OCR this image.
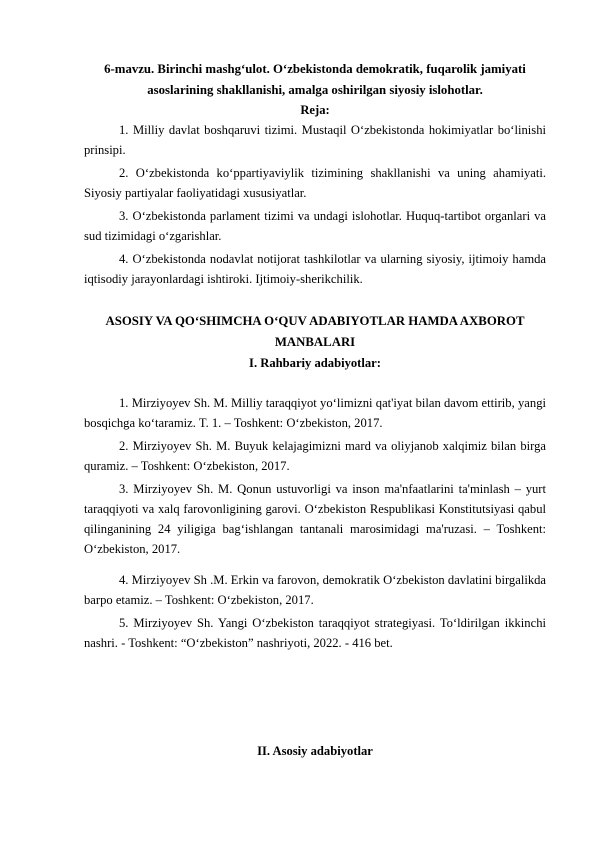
6-mavzu. Birinchi mashg‘ulot. O‘zbekistonda demokratik, fuqarolik jamiyati asoslarining shakllanishi, amalga oshirilgan siyosiy islohotlar.
Reja:
1. Milliy davlat boshqaruvi tizimi. Mustaqil O‘zbekistonda hokimiyatlar bo‘linishi prinsipi.
2. O‘zbekistonda ko‘ppartiyaviylik tizimining shakllanishi va uning ahamiyati. Siyosiy partiyalar faoliyatidagi xususiyatlar.
3. O‘zbekistonda parlament tizimi va undagi islohotlar. Huquq-tartibot organlari va sud tizimidagi o‘zgarishlar.
4. O‘zbekistonda nodavlat notijorat tashkilotlar va ularning siyosiy, ijtimoiy hamda iqtisodiy jarayonlardagi ishtiroki. Ijtimoiy-sherikchilik.
ASOSIY VA QO‘SHIMCHA O‘QUV ADABIYOTLAR HAMDA AXBOROT MANBALARI
I. Rahbariy adabiyotlar:
1. Mirziyoyev Sh. M. Milliy taraqqiyot yo‘limizni qat'iyat bilan davom ettirib, yangi bosqichga ko‘taramiz. T. 1. – Toshkent: O‘zbekiston, 2017.
2. Mirziyoyev Sh. M. Buyuk kelajagimizni mard va oliyjanob xalqimiz bilan birga quramiz. – Toshkent: O‘zbekiston, 2017.
3. Mirziyoyev Sh. M. Qonun ustuvorligi va inson ma'nfaatlarini ta'minlash – yurt taraqqiyoti va xalq farovonligining garovi. O‘zbekiston Respublikasi Konstitutsiyasi qabul qilinganining 24 yiligiga bag‘ishlangan tantanali marosimidagi ma'ruzasi. – Toshkent: O‘zbekiston, 2017.
4. Mirziyoyev Sh .M. Erkin va farovon, demokratik O‘zbekiston davlatini birgalikda barpo etamiz. – Toshkent: O‘zbekiston, 2017.
5. Mirziyoyev Sh. Yangi O‘zbekiston taraqqiyot strategiyasi. To‘ldirilgan ikkinchi nashri. - Toshkent: “O‘zbekiston” nashriyoti, 2022. - 416 bet.
II. Asosiy adabiyotlar
